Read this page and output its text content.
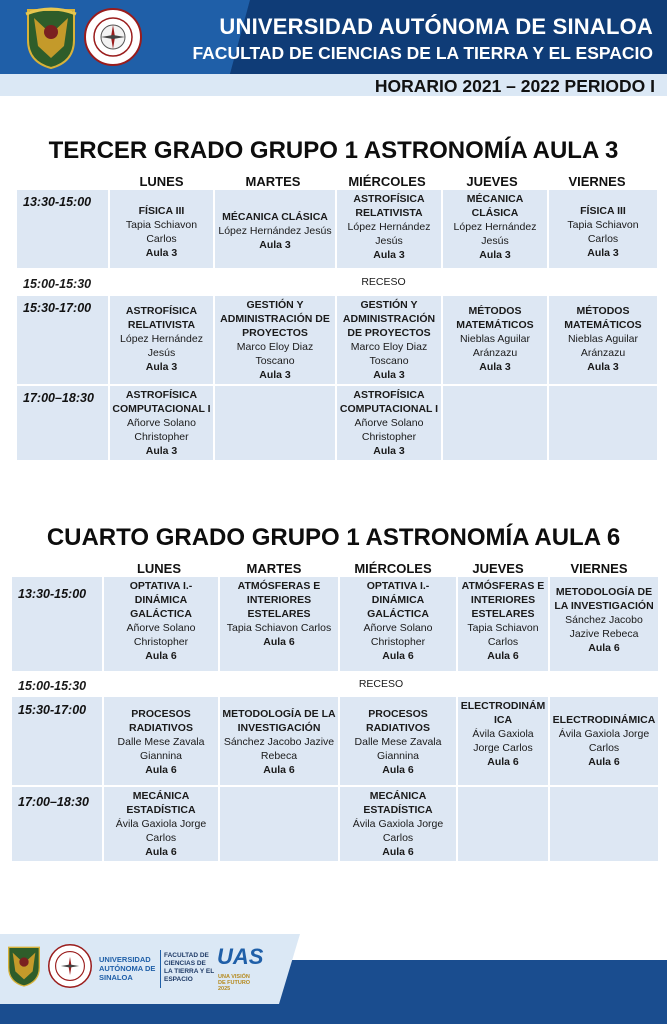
UNIVERSIDAD AUTÓNOMA DE SINALOA
FACULTAD DE CIENCIAS DE LA TIERRA Y EL ESPACIO
HORARIO 2021 – 2022 PERIODO I
TERCER GRADO GRUPO 1 ASTRONOMÍA AULA 3
LUNES	MARTES	MIÉRCOLES	JUEVES	VIERNES
13:30-15:00	FÍSICA III
Tapia Schiavon Carlos
Aula 3	MÉCANICA CLÁSICA
López Hernández Jesús
Aula 3	ASTROFÍSICA RELATIVISTA
López Hernández Jesús
Aula 3	MÉCANICA CLÁSICA
López Hernández Jesús
Aula 3	FÍSICA III
Tapia Schiavon Carlos
Aula 3

15:00-15:30	RECESO				
15:30-17:00	ASTROFÍSICA RELATIVISTA
López Hernández Jesús
Aula 3	GESTIÓN Y ADMINISTRACIÓN DE PROYECTOS
Marco Eloy Diaz Toscano
Aula 3	GESTIÓN Y ADMINISTRACIÓN DE PROYECTOS
Marco Eloy Diaz Toscano
Aula 3	MÉTODOS MATEMÁTICOS
Nieblas Aguilar Aránzazu
Aula 3	MÉTODOS MATEMÁTICOS
Nieblas Aguilar Aránzazu
Aula 3

17:00–18:30	ASTROFÍSICA COMPUTACIONAL I
Añorve Solano Christopher
Aula 3		ASTROFÍSICA COMPUTACIONAL I
Añorve Solano Christopher
Aula 3		

CUARTO GRADO GRUPO 1 ASTRONOMÍA AULA 6
LUNES	MARTES	MIÉRCOLES	JUEVES	VIERNES
13:30-15:00	OPTATIVA I.- DINÁMICA GALÁCTICA
Añorve Solano Christopher
Aula 6	ATMÓSFERAS E INTERIORES ESTELARES
Tapia Schiavon Carlos
Aula 6	OPTATIVA I.- DINÁMICA GALÁCTICA
Añorve Solano Christopher
Aula 6	ATMÓSFERAS E INTERIORES ESTELARES
Tapia Schiavon Carlos
Aula 6	METODOLOGÍA DE LA INVESTIGACIÓN
Sánchez Jacobo Jazive Rebeca
Aula 6

15:00-15:30	RECESO				
15:30-17:00	PROCESOS RADIATIVOS
Dalle Mese Zavala Giannina
Aula 6	METODOLOGÍA DE LA INVESTIGACIÓN
Sánchez Jacobo Jazive Rebeca
Aula 6	PROCESOS RADIATIVOS
Dalle Mese Zavala Giannina
Aula 6	ELECTRODINÁMICA
Ávila Gaxiola Jorge Carlos
Aula 6	ELECTRODINÁMICA
Ávila Gaxiola Jorge Carlos
Aula 6

17:00–18:30	MECÁNICA ESTADÍSTICA
Ávila Gaxiola Jorge Carlos
Aula 6		MECÁNICA ESTADÍSTICA
Ávila Gaxiola Jorge Carlos
Aula 6		

UNIVERSIDAD AUTÓNOMA DE SINALOA
FACULTAD DE CIENCIAS DE LA TIERRA Y EL ESPACIO
UAS
UNA VISIÓN DE FUTURO 2025
